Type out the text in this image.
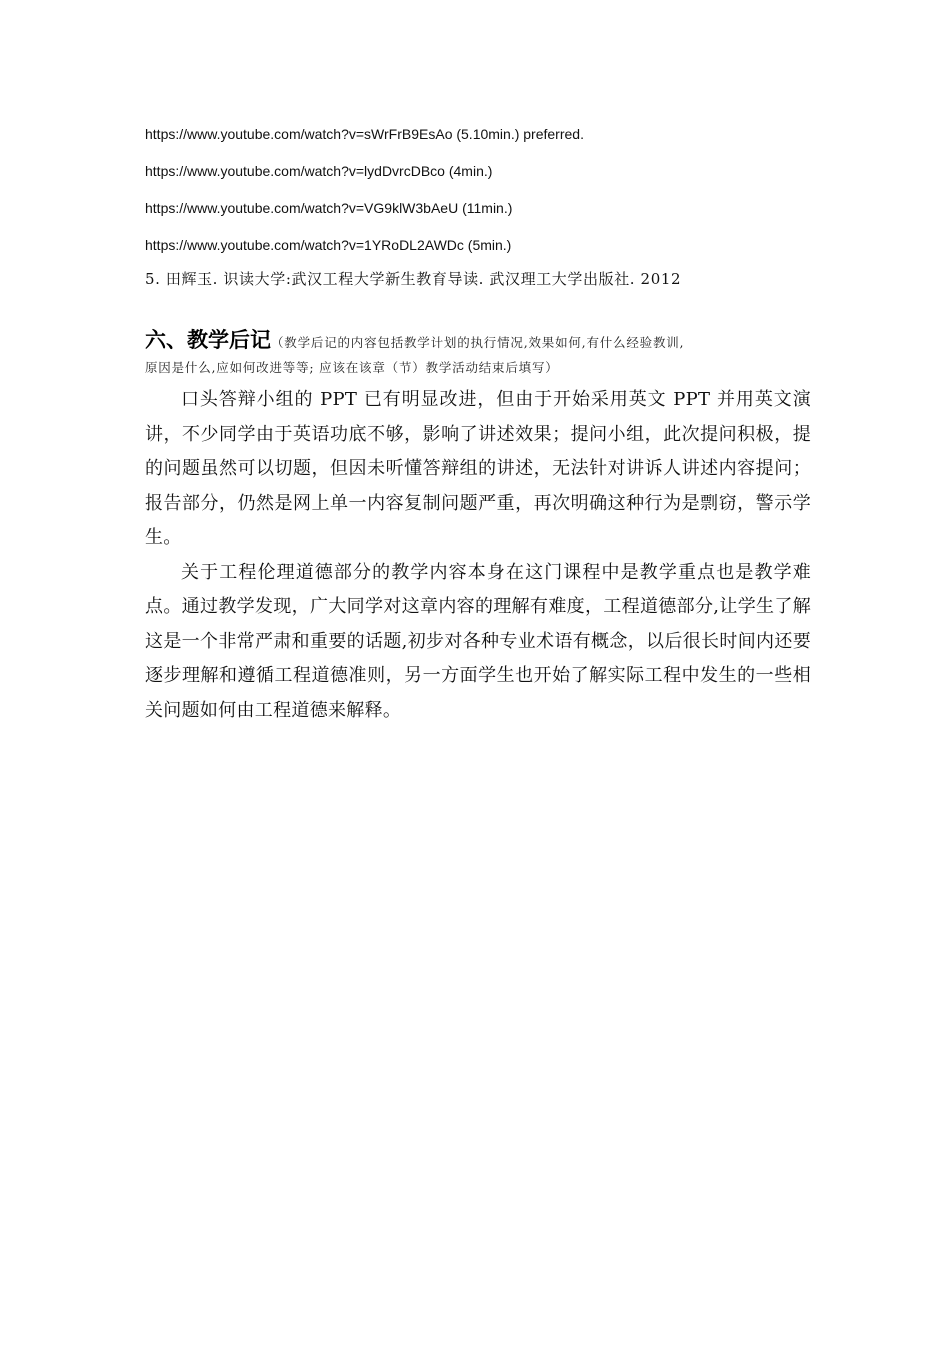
https://www.youtube.com/watch?v=sWrFrB9EsAo (5.10min.) preferred.
https://www.youtube.com/watch?v=lydDvrcDBco (4min.)
https://www.youtube.com/watch?v=VG9klW3bAeU (11min.)
https://www.youtube.com/watch?v=1YRoDL2AWDc (5min.)
5. 田辉玉. 识读大学:武汉工程大学新生教育导读. 武汉理工大学出版社. 2012
六、教学后记（教学后记的内容包括教学计划的执行情况,效果如何,有什么经验教训,
原因是什么,应如何改进等等; 应该在该章（节）教学活动结束后填写）

口头答辩小组的 PPT 已有明显改进，但由于开始采用英文 PPT 并用英文演讲，不少同学由于英语功底不够，影响了讲述效果；提问小组，此次提问积极，提的问题虽然可以切题，但因未听懂答辩组的讲述，无法针对讲诉人讲述内容提问；报告部分，仍然是网上单一内容复制问题严重，再次明确这种行为是剽窃，警示学生。

关于工程伦理道德部分的教学内容本身在这门课程中是教学重点也是教学难点。通过教学发现，广大同学对这章内容的理解有难度，工程道德部分,让学生了解这是一个非常严肃和重要的话题,初步对各种专业术语有概念，以后很长时间内还要逐步理解和遵循工程道德准则，另一方面学生也开始了解实际工程中发生的一些相关问题如何由工程道德来解释。
